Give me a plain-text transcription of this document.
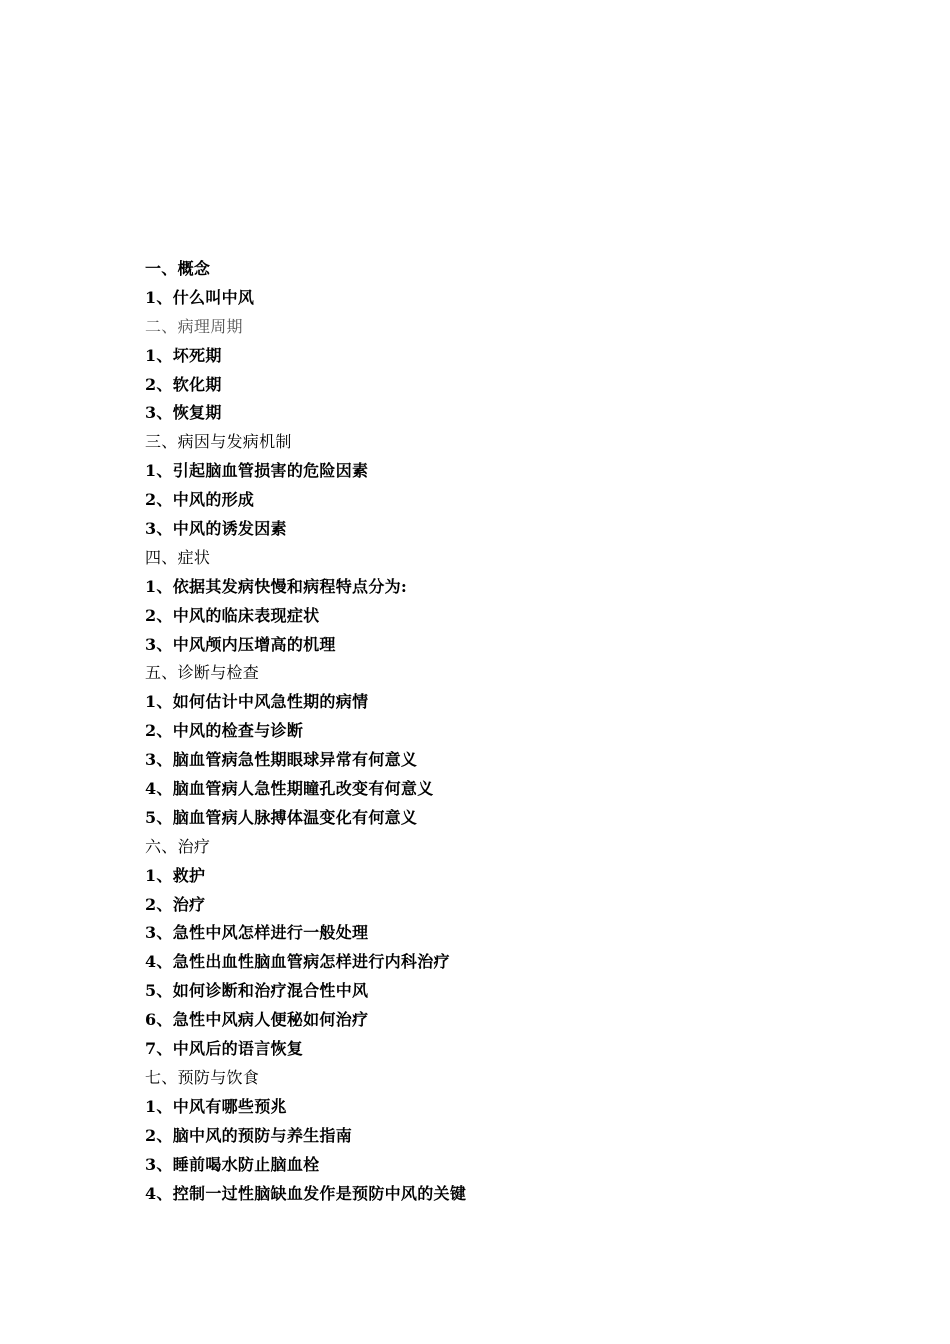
一、概念
1、什么叫中风
二、病理周期
1、坏死期
2、软化期
3、恢复期
三、病因与发病机制
1、引起脑血管损害的危险因素
2、中风的形成
3、中风的诱发因素
四、症状
1、依据其发病快慢和病程特点分为:
2、中风的临床表现症状
3、中风颅内压增高的机理
五、诊断与检查
1、如何估计中风急性期的病情
2、中风的检查与诊断
3、脑血管病急性期眼球异常有何意义
4、脑血管病人急性期瞳孔改变有何意义
5、脑血管病人脉搏体温变化有何意义
六、治疗
1、救护
2、治疗
3、急性中风怎样进行一般处理
4、急性出血性脑血管病怎样进行内科治疗
5、如何诊断和治疗混合性中风
6、急性中风病人便秘如何治疗
7、中风后的语言恢复
七、预防与饮食
1、中风有哪些预兆
2、脑中风的预防与养生指南
3、睡前喝水防止脑血栓
4、控制一过性脑缺血发作是预防中风的关键
